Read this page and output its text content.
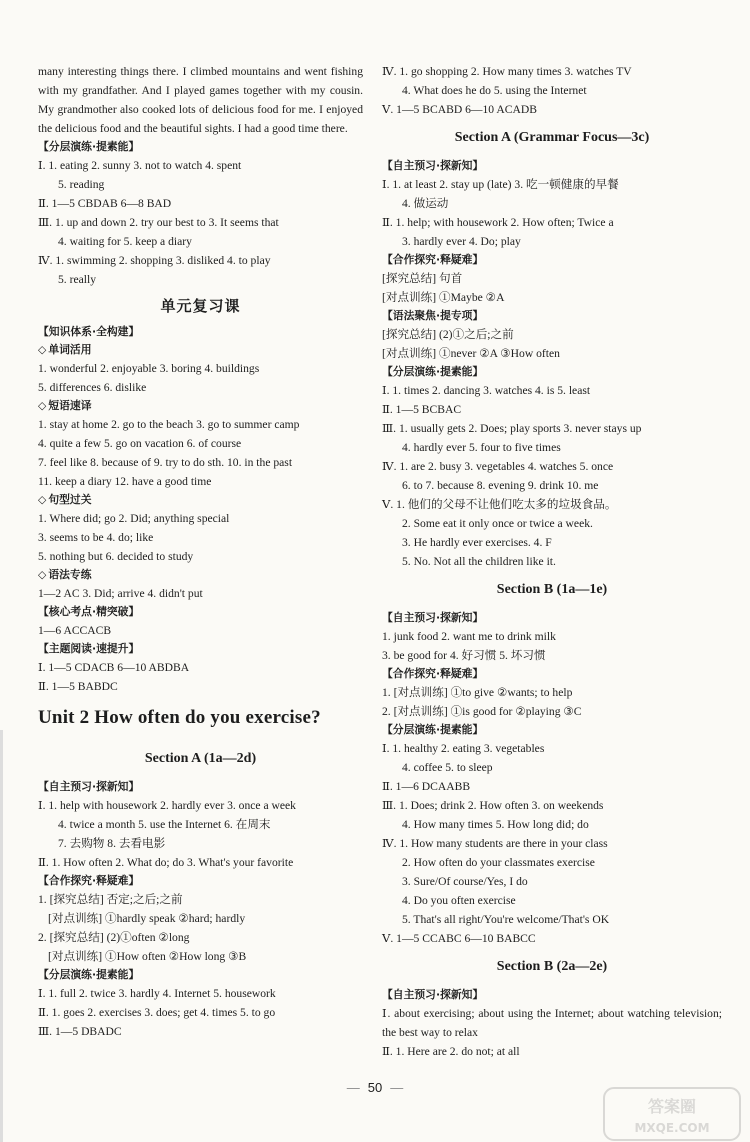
many interesting things there. I climbed mountains and went fishing with my grandfather. And I played games together with my cousin. My grandmother also cooked lots of delicious food for me. I enjoyed the delicious food and the beautiful sights. I had a good time there.
【分层演练·提素能】
Ⅰ. 1. eating 2. sunny 3. not to watch 4. spent
5. reading
Ⅱ. 1—5 CBDAB 6—8 BAD
Ⅲ. 1. up and down 2. try our best to 3. It seems that
4. waiting for 5. keep a diary
Ⅳ. 1. swimming 2. shopping 3. disliked 4. to play
5. really
单元复习课
【知识体系·全构建】
◇ 单词活用
1. wonderful 2. enjoyable 3. boring 4. buildings
5. differences 6. dislike
◇ 短语速译
1. stay at home 2. go to the beach 3. go to summer camp
4. quite a few 5. go on vacation 6. of course
7. feel like 8. because of 9. try to do sth. 10. in the past
11. keep a diary 12. have a good time
◇ 句型过关
1. Where did; go 2. Did; anything special
3. seems to be 4. do; like
5. nothing but 6. decided to study
◇ 语法专练
1—2 AC 3. Did; arrive 4. didn't put
【核心考点·精突破】
1—6 ACCACB
【主题阅读·速提升】
Ⅰ. 1—5 CDACB 6—10 ABDBA
Ⅱ. 1—5 BABDC
Unit 2 How often do you exercise?
Section A (1a—2d)
【自主预习·探新知】
Ⅰ. 1. help with housework 2. hardly ever 3. once a week
4. twice a month 5. use the Internet 6. 在周末
7. 去购物 8. 去看电影
Ⅱ. 1. How often 2. What do; do 3. What's your favorite
【合作探究·释疑难】
1. [探究总结] 否定;之后;之前
[对点训练] ①hardly speak ②hard; hardly
2. [探究总结] (2)①often ②long
[对点训练] ①How often ②How long ③B
【分层演练·提素能】
Ⅰ. 1. full 2. twice 3. hardly 4. Internet 5. housework
Ⅱ. 1. goes 2. exercises 3. does; get 4. times 5. to go
Ⅲ. 1—5 DBADC
Ⅳ. 1. go shopping 2. How many times 3. watches TV
4. What does he do 5. using the Internet
Ⅴ. 1—5 BCABD 6—10 ACADB
Section A (Grammar Focus—3c)
【自主预习·探新知】
Ⅰ. 1. at least 2. stay up (late) 3. 吃一顿健康的早餐
4. 做运动
Ⅱ. 1. help; with housework 2. How often; Twice a
3. hardly ever 4. Do; play
【合作探究·释疑难】
[探究总结] 句首
[对点训练] ①Maybe ②A
【语法聚焦·提专项】
[探究总结] (2)①之后;之前
[对点训练] ①never ②A ③How often
【分层演练·提素能】
Ⅰ. 1. times 2. dancing 3. watches 4. is 5. least
Ⅱ. 1—5 BCBAC
Ⅲ. 1. usually gets 2. Does; play sports 3. never stays up
4. hardly ever 5. four to five times
Ⅳ. 1. are 2. busy 3. vegetables 4. watches 5. once
6. to 7. because 8. evening 9. drink 10. me
Ⅴ. 1. 他们的父母不让他们吃太多的垃圾食品。
2. Some eat it only once or twice a week.
3. He hardly ever exercises. 4. F
5. No. Not all the children like it.
Section B (1a—1e)
【自主预习·探新知】
1. junk food 2. want me to drink milk
3. be good for 4. 好习惯 5. 坏习惯
【合作探究·释疑难】
1. [对点训练] ①to give ②wants; to help
2. [对点训练] ①is good for ②playing ③C
【分层演练·提素能】
Ⅰ. 1. healthy 2. eating 3. vegetables
4. coffee 5. to sleep
Ⅱ. 1—6 DCAABB
Ⅲ. 1. Does; drink 2. How often 3. on weekends
4. How many times 5. How long did; do
Ⅳ. 1. How many students are there in your class
2. How often do your classmates exercise
3. Sure/Of course/Yes, I do
4. Do you often exercise
5. That's all right/You're welcome/That's OK
Ⅴ. 1—5 CCABC 6—10 BABCC
Section B (2a—2e)
【自主预习·探新知】
Ⅰ. about exercising; about using the Internet; about watching television; the best way to relax
Ⅱ. 1. Here are 2. do not; at all
— 50 —
答案圈
MXQE.COM
